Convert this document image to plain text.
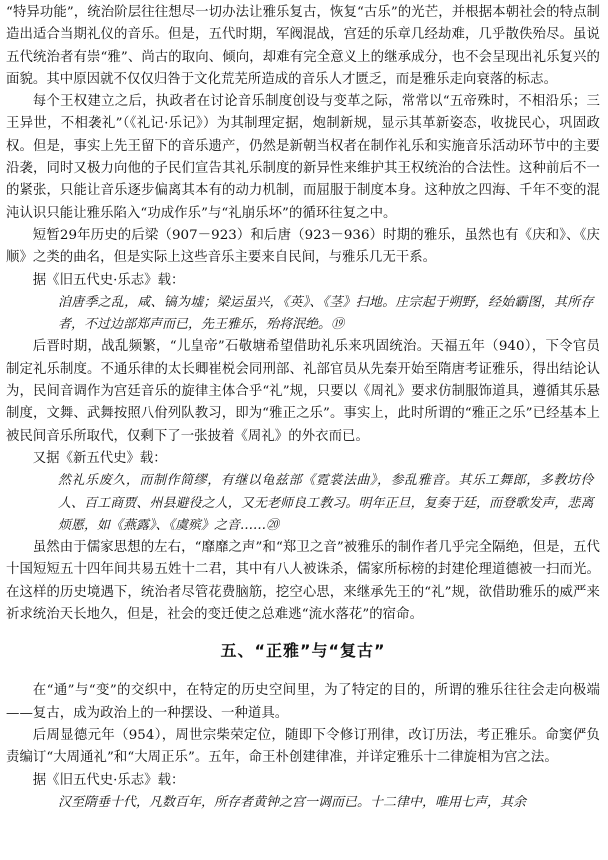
“特异功能”，统治阶层往往想尽一切办法让雅乐复古，恢复“古乐”的光芒，并根据本朝社会的特点制造出适合当期礼仪的音乐。但是，五代时期，军阀混战，宫廷的乐章几经劫难，几乎散佚殆尽。虽说五代统治者有崇“雅”、尚古的取向、倾向，却难有完全意义上的继承成分，也不会呈现出礼乐复兴的面貌。其中原因就不仅仅归咎于文化荒芜所造成的音乐人才匮乏，而是雅乐走向衰落的标志。

每个王权建立之后，执政者在讨论音乐制度创设与变革之际，常常以“五帝殊时，不相沿乐；三王异世，不相袭礼”（《礼记·乐记》）为其制理定据，炮制新规，显示其革新姿态，收拢民心，巩固政权。但是，事实上先王留下的音乐遗产，仍然是新朝当权者在制作礼乐和实施音乐活动环节中的主要沿袭，同时又极力向他的子民们宣告其礼乐制度的新异性来维护其王权统治的合法性。这种前后不一的紧张，只能让音乐逐步偏离其本有的动力机制，而屈服于制度本身。这种放之四海、千年不变的混沌认识只能让雅乐陷入“功成作乐”与“礼崩乐坏”的循环往复之中。

短暂29年历史的后梁（907－923）和后唐（923－936）时期的雅乐，虽然也有《庆和》、《庆顺》之类的曲名，但是实际上这些音乐主要来自民间，与雅乐几无干系。

据《旧五代史·乐志》载：

洎唐季之乱，咸、镐为墟；梁运虽兴，《英》、《茎》扫地。庄宗起于朔野，经始霸图，其所存者，不过边部郑声而已，先王雅乐，殆将泯绝。⑲

后晋时期，战乱频繁，“儿皇帝”石敬塘希望借助礼乐来巩固统治。天福五年（940），下令官员制定礼乐制度。不通乐律的太长卿崔棁会同刑部、礼部官员从先秦开始至隋唐考证雅乐，得出结论认为，民间音调作为宫廷音乐的旋律主体合乎“礼”规，只要以《周礼》要求仿制服饰道具，遵循其乐悬制度，文舞、武舞按照八佾列队教习，即为“雅正之乐”。事实上，此时所谓的“雅正之乐”已经基本上被民间音乐所取代，仅剩下了一张披着《周礼》的外衣而已。

又据《新五代史》载：

然礼乐废久，而制作简缪，有继以龟兹部《霓裳法曲》，参乱雅音。其乐工舞郎，多教坊伶人、百工商贾、州县避役之人，又无老师良工教习。明年正旦，复奏于廷，而登歌发声，悲离烦慝，如《燕露》、《虞殡》之音……⑳

虽然由于儒家思想的左右，“靡靡之声”和“郑卫之音”被雅乐的制作者几乎完全隔绝，但是，五代十国短短五十四年间共易五姓十二君，其中有八人被诛杀，儒家所标榜的封建伦理道德被一扫而光。在这样的历史境遇下，统治者尽管花费脑筋，挖空心思，来继承先王的“礼”规，欲借助雅乐的威严来祈求统治天长地久，但是，社会的变迁使之总难逃“流水落花”的宿命。

五、“正雅”与“复古”

在“通”与“变”的交织中，在特定的历史空间里，为了特定的目的，所谓的雅乐往往会走向极端——复古，成为政治上的一种摆设、一种道具。

后周显德元年（954），周世宗柴荣定位，随即下令修订刑律，改订历法，考正雅乐。命窦俨负责编订“大周通礼”和“大周正乐”。五年，命王朴创建律准，并详定雅乐十二律旋相为宫之法。

据《旧五代史·乐志》载：

汉至隋垂十代，凡数百年，所存者黄钟之宫一调而已。十二律中，唯用七声，其余
